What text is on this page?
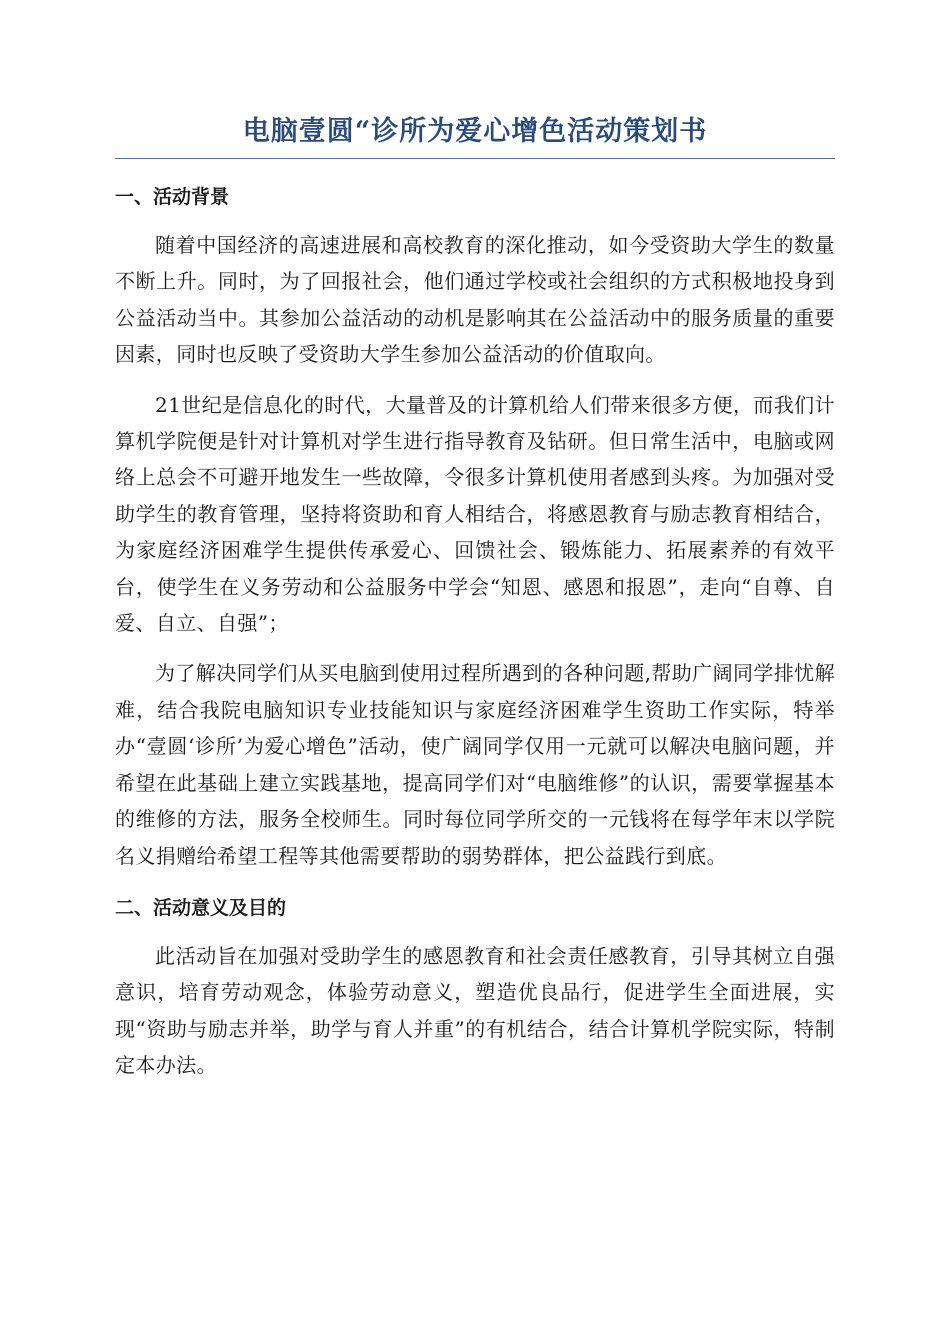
电脑壹圆“诊所为爱心增色活动策划书
一、活动背景

随着中国经济的高速进展和高校教育的深化推动，如今受资助大学生的数量不断上升。同时，为了回报社会，他们通过学校或社会组织的方式积极地投身到公益活动当中。其参加公益活动的动机是影响其在公益活动中的服务质量的重要因素，同时也反映了受资助大学生参加公益活动的价值取向。

21世纪是信息化的时代，大量普及的计算机给人们带来很多方便，而我们计算机学院便是针对计算机对学生进行指导教育及钻研。但日常生活中，电脑或网络上总会不可避开地发生一些故障，令很多计算机使用者感到头疼。为加强对受助学生的教育管理，坚持将资助和育人相结合，将感恩教育与励志教育相结合，为家庭经济困难学生提供传承爱心、回馈社会、锻炼能力、拓展素养的有效平台，使学生在义务劳动和公益服务中学会“知恩、感恩和报恩”，走向“自尊、自爱、自立、自强”；

为了解决同学们从买电脑到使用过程所遇到的各种问题,帮助广阔同学排忧解难，结合我院电脑知识专业技能知识与家庭经济困难学生资助工作实际，特举办“壹圆‘诊所’为爱心增色”活动，使广阔同学仅用一元就可以解决电脑问题，并希望在此基础上建立实践基地，提高同学们对“电脑维修”的认识，需要掌握基本的维修的方法，服务全校师生。同时每位同学所交的一元钱将在每学年末以学院名义捐赠给希望工程等其他需要帮助的弱势群体，把公益践行到底。

二、活动意义及目的

此活动旨在加强对受助学生的感恩教育和社会责任感教育，引导其树立自强意识，培育劳动观念，体验劳动意义，塑造优良品行，促进学生全面进展，实现“资助与励志并举，助学与育人并重”的有机结合，结合计算机学院实际，特制定本办法。
